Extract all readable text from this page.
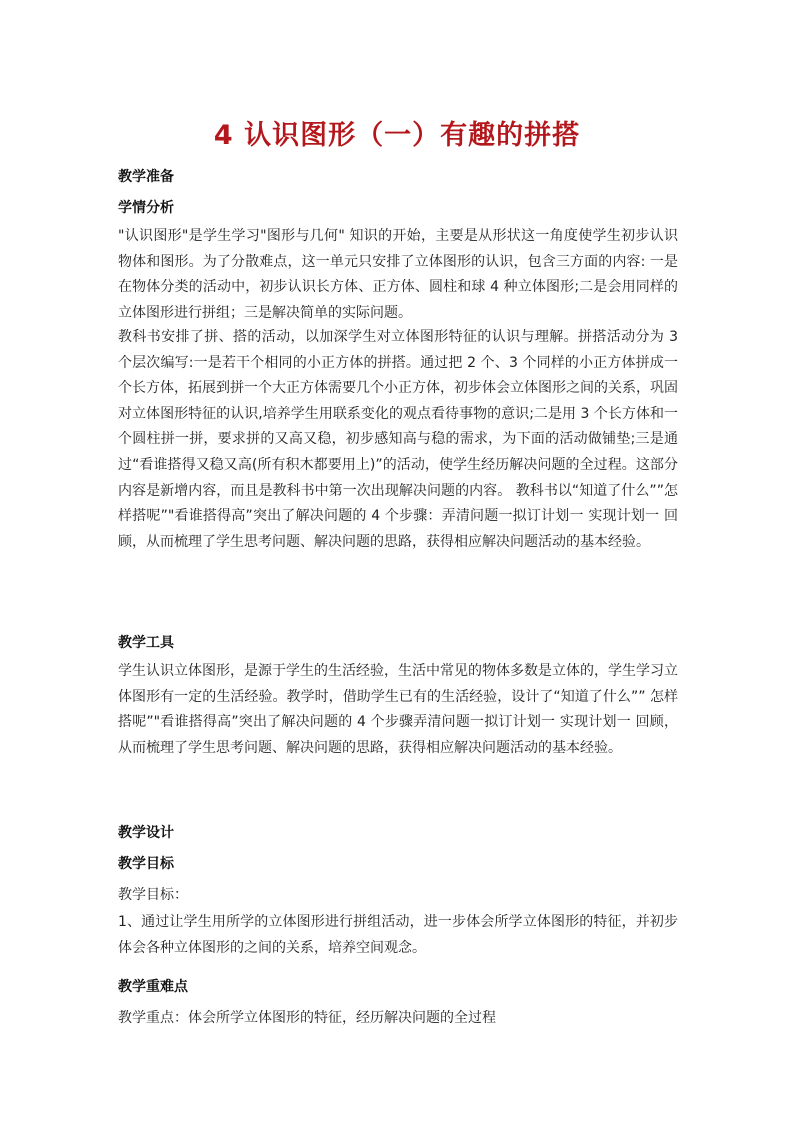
4 认识图形（一）有趣的拼搭
教学准备
学情分析

"认识图形"是学生学习"图形与几何" 知识的开始，主要是从形状这一角度使学生初步认识物体和图形。为了分散难点，这一单元只安排了立体图形的认识，包含三方面的内容: 一是在物体分类的活动中，初步认识长方体、正方体、圆柱和球 4 种立体图形;二是会用同样的立体图形进行拼组；三是解决简单的实际问题。

教科书安排了拼、搭的活动，以加深学生对立体图形特征的认识与理解。拼搭活动分为 3 个层次编写:一是若干个相同的小正方体的拼搭。通过把 2 个、3 个同样的小正方体拼成一个长方体，拓展到拼一个大正方体需要几个小正方体，初步体会立体图形之间的关系，巩固对立体图形特征的认识,培养学生用联系变化的观点看待事物的意识;二是用 3 个长方体和一个圆柱拼一拼，要求拼的又高又稳，初步感知高与稳的需求，为下面的活动做铺垫;三是通过“看谁搭得又稳又高(所有积木都要用上)”的活动，使学生经历解决问题的全过程。这部分内容是新增内容，而且是教科书中第一次出现解决问题的内容。 教科书以“知道了什么””怎样搭呢”"看谁搭得高”突出了解决问题的 4 个步骤：弄清问题一拟订计划一 实现计划一 回顾，从而梳理了学生思考问题、解决问题的思路，获得相应解决问题活动的基本经验。

教学工具

学生认识立体图形，是源于学生的生活经验，生活中常见的物体多数是立体的，学生学习立体图形有一定的生活经验。教学时，借助学生已有的生活经验，设计了“知道了什么”” 怎样搭呢”"看谁搭得高”突出了解决问题的 4 个步骤弄清问题一拟订计划一 实现计划一 回顾，从而梳理了学生思考问题、解决问题的思路，获得相应解决问题活动的基本经验。

教学设计
教学目标
教学目标：

1、通过让学生用所学的立体图形进行拼组活动，进一步体会所学立体图形的特征，并初步体会各种立体图形的之间的关系，培养空间观念。

教学重难点
教学重点：体会所学立体图形的特征，经历解决问题的全过程
